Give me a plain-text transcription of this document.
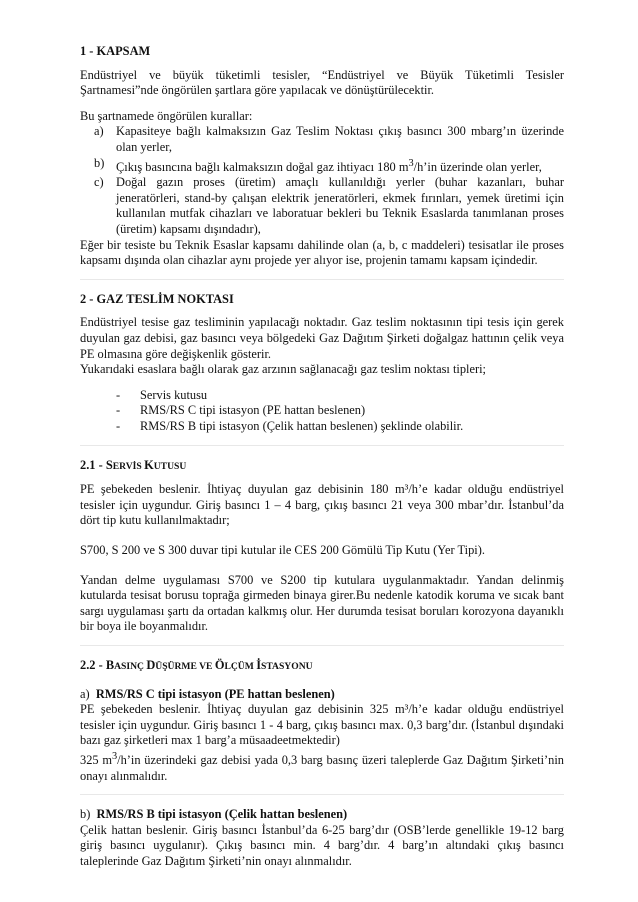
1 - KAPSAM

Endüstriyel ve büyük tüketimli tesisler, “Endüstriyel ve Büyük Tüketimli Tesisler Şartnamesi”nde öngörülen şartlara göre yapılacak ve dönüştürülecektir.

Bu şartnamede öngörülen kurallar:

a) Kapasiteye bağlı kalmaksızın Gaz Teslim Noktası çıkış basıncı 300 mbarg’ın üzerinde olan yerler,
b) Çıkış basıncına bağlı kalmaksızın doğal gaz ihtiyacı 180 $m^3/h’in$ üzerinde olan yerler,
c) Doğal gazın proses (üretim) amaçlı kullanıldığı yerler (buhar kazanları, buhar jeneratörleri, stand-by çalışan elektrik jeneratörleri, ekmek fırınları, yemek üretimi için kullanılan mutfak cihazları ve laboratuar bekleri bu Teknik Esaslarda tanımlanan proses (üretim) kapsamı dışındadır),

Eğer bir tesiste bu Teknik Esaslar kapsamı dahilinde olan (a, b, c maddeleri) tesisatlar ile proses kapsamı dışında olan cihazlar aynı projede yer alıyor ise, projenin tamamı kapsam içindedir.

2 - GAZ TESLİM NOKTASI

Endüstriyel tesise gaz tesliminin yapılacağı noktadır. Gaz teslim noktasının tipi tesis için gerek duyulan gaz debisi, gaz basıncı veya bölgedeki Gaz Dağıtım Şirketi doğalgaz hattının çelik veya PE olmasına göre değişkenlik gösterir.

Yukarıdaki esaslara bağlı olarak gaz arzının sağlanacağı gaz teslim noktası tipleri;

- Servis kutusu
- RMS/RS C tipi istasyon (PE hattan beslenen)
- RMS/RS B tipi istasyon (Çelik hattan beslenen) şeklinde olabilir.
2.1 - SERVİS KUTUSU

PE şebekeden beslenir. İhtiyaç duyulan gaz debisinin 180 m³/h’e kadar olduğu endüstriyel tesisler için uygundur. Giriş basıncı 1 – 4 barg, çıkış basıncı 21 veya 300 mbar’dır. İstanbul’da dört tip kutu kullanılmaktadır;

S700, S 200 ve S 300 duvar tipi kutular ile CES 200 Gömülü Tip Kutu (Yer Tipi).

Yandan delme uygulaması S700 ve S200 tip kutulara uygulanmaktadır. Yandan delinmiş kutularda tesisat borusu toprağa girmeden binaya girer.Bu nedenle katodik koruma ve sıcak bant sargı uygulaması şartı da ortadan kalkmış olur. Her durumda tesisat boruları korozyona dayanıklı bir boya ile boyanmalıdır.

2.2 - BASINÇ DÜŞÜRME VE ÖLÇÜM İSTASYONU
a) RMS/RS C tipi istasyon (PE hattan beslenen)

PE şebekeden beslenir. İhtiyaç duyulan gaz debisinin 325 m³/h’e kadar olduğu endüstriyel tesisler için uygundur. Giriş basıncı 1 - 4 barg, çıkış basıncı max. 0,3 barg’dır. (İstanbul dışındaki bazı gaz şirketleri max 1 barg’a müsaadeetmektedir)

325 $m^3/h’in$ üzerindeki gaz debisi yada 0,3 barg basınç üzeri taleplerde Gaz Dağıtım Şirketi’nin onayı alınmalıdır.

b) RMS/RS B tipi istasyon (Çelik hattan beslenen)

Çelik hattan beslenir. Giriş basıncı İstanbul’da 6-25 barg’dır (OSB’lerde genellikle 19-12 barg giriş basıncı uygulanır). Çıkış basıncı min. 4 barg’dır. 4 barg’ın altındaki çıkış basıncı taleplerinde Gaz Dağıtım Şirketi’nin onayı alınmalıdır.
